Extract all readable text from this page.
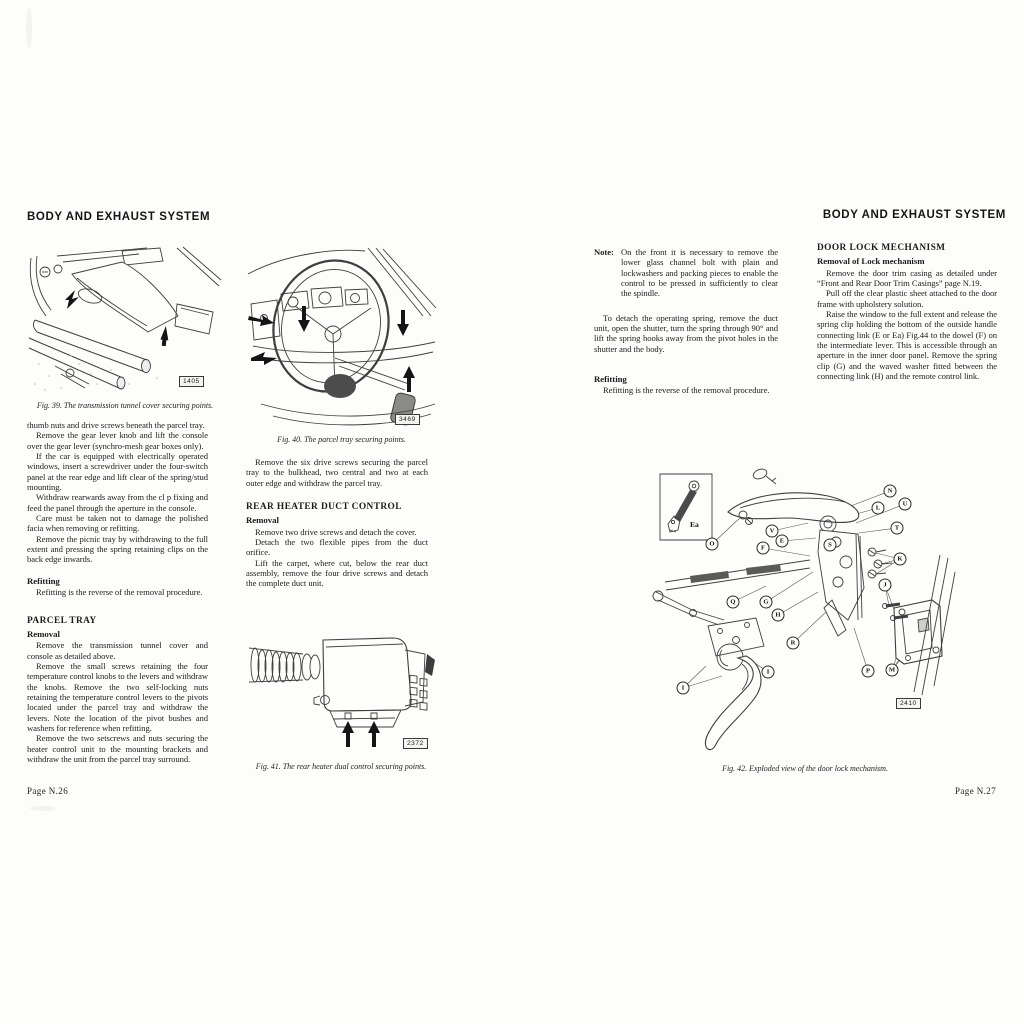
BODY AND EXHAUST SYSTEM	BODY AND EXHAUST SYSTEM
1405
Fig. 39. The transmission tunnel cover securing points.

thumb nuts and drive screws beneath the parcel tray.

Remove the gear lever knob and lift the console over the gear lever (synchro-mesh gear boxes only).

If the car is equipped with electrically operated windows, insert a screwdriver under the four-switch panel at the rear edge and lift clear of the spring/stud mounting.

Withdraw rearwards away from the cl p fixing and feed the panel through the aperture in the console.

Care must be taken not to damage the polished facia when removing or refitting.

Remove the picnic tray by withdrawing to the full extent and pressing the spring retaining clips on the back edge inwards.

Refitting

Refitting is the reverse of the removal procedure.

PARCEL TRAY
Removal

Remove the transmission tunnel cover and console as detailed above.

Remove the small screws retaining the four temperature control knobs to the levers and withdraw the knobs. Remove the two self-locking nuts retaining the temperature control levers to the pivots located under the parcel tray and withdraw the levers. Note the location of the pivot bushes and washers for reference when refitting.

Remove the two setscrews and nuts securing the heater control unit to the mounting brackets and withdraw the unit from the parcel tray surround.

3469
Fig. 40. The parcel tray securing points.

Remove the six drive screws securing the parcel tray to the bulkhead, two central and two at each outer edge and withdraw the parcel tray.

REAR HEATER DUCT CONTROL
Removal

Remove two drive screws and detach the cover.

Detach the two flexible pipes from the duct orifice.

Lift the carpet, where cut, below the rear duct assembly, remove the four drive screws and detach the complete duct unit.

2372
Fig. 41. The rear heater dual control securing points.
Note: On the front it is necessary to remove the lower glass channel bolt with plain and lockwashers and packing pieces to enable the control to be pressed in sufficiently to clear the spindle.

To detach the operating spring, remove the duct unit, open the shutter, turn the spring through 90° and lift the spring hooks away from the pivot holes in the shutter and the body.

Refitting

Refitting is the reverse of the removal procedure.

DOOR LOCK MECHANISM
Removal of Lock mechanism

Remove the door trim casing as detailed under “Front and Rear Door Trim Casings” page N.19.

Pull off the clear plastic sheet attached to the door frame with upholstery solution.

Raise the window to the full extent and release the spring clip holding the bottom of the outside handle connecting link (E or Ea) Fig.44 to the dowel (F) on the intermediate lever. This is accessible through an aperture in the inner door panel. Remove the spring clip (G) and the waved washer fitted between the connecting link (H) and the remote control link.

Ea
O
V
E
F	S
N
L
U
T
K
J
G
Q
H
R
P	M
I
I
2410
Fig. 42. Exploded view of the door lock mechanism.
Page N.26	Page N.27
